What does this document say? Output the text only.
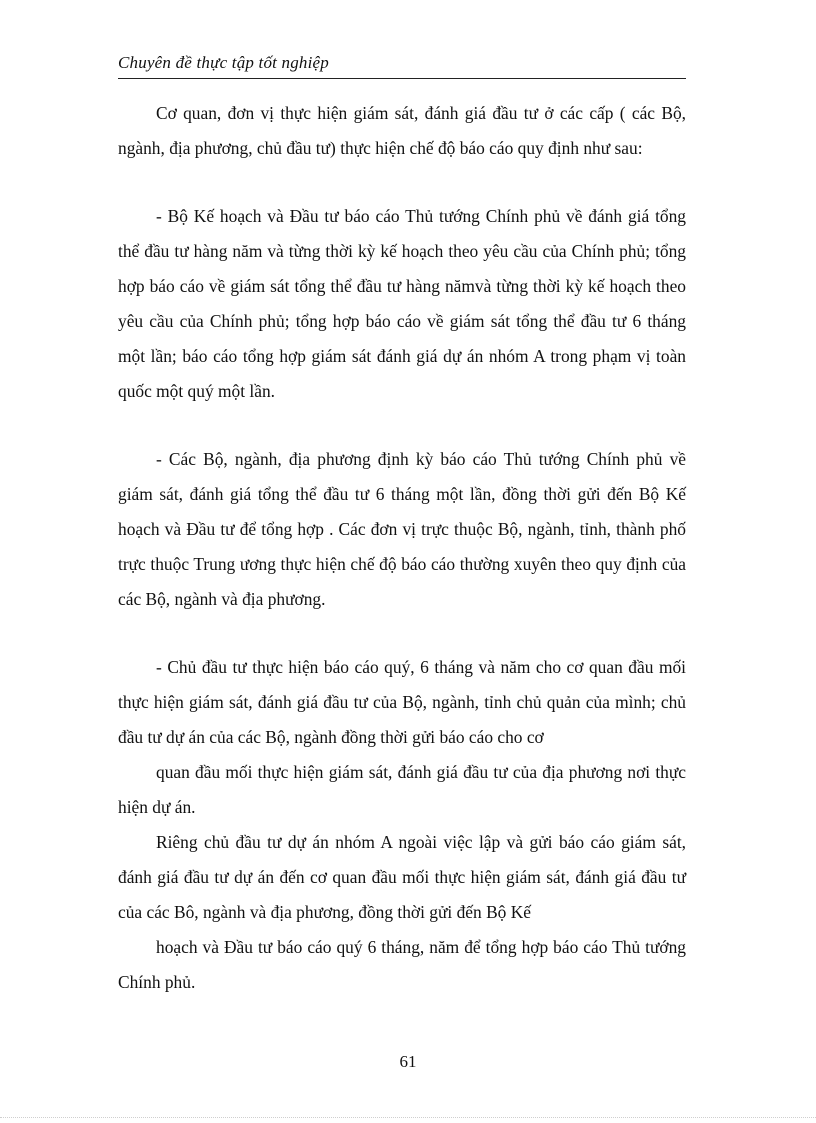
Chuyên đề thực tập tốt nghiệp

Cơ quan, đơn vị thực hiện giám sát, đánh giá đầu tư ở các cấp ( các Bộ, ngành, địa phương, chủ đầu tư) thực hiện chế độ báo cáo quy định như sau:

- Bộ Kế hoạch và Đầu tư báo cáo Thủ tướng Chính phủ về đánh giá tổng thể đầu tư hàng năm và từng thời kỳ kế hoạch theo yêu cầu của Chính phủ; tổng hợp báo cáo về giám sát tổng thể đầu tư hàng nămvà từng thời kỳ kế hoạch theo yêu cầu của Chính phủ; tổng hợp báo cáo về giám sát tổng thể đầu tư 6 tháng một lần; báo cáo tổng hợp giám sát đánh giá dự án nhóm A trong phạm vị toàn quốc một quý một lần.

- Các Bộ, ngành, địa phương định kỳ báo cáo Thủ tướng Chính phủ về giám sát, đánh giá tổng thể đầu tư 6 tháng một lần, đồng thời gửi đến Bộ Kế hoạch và Đầu tư để tổng hợp . Các đơn vị trực thuộc Bộ, ngành, tỉnh, thành phố trực thuộc Trung ương thực hiện chế độ báo cáo thường xuyên theo quy định của các Bộ, ngành và địa phương.

- Chủ đầu tư thực hiện báo cáo quý, 6 tháng và năm cho cơ quan đầu mối thực hiện giám sát, đánh giá đầu tư của Bộ, ngành, tỉnh chủ quản của mình; chủ đầu tư dự án của các Bộ, ngành đồng thời gửi báo cáo cho cơ

quan đầu mối thực hiện giám sát, đánh giá đầu tư của địa phương nơi thực hiện dự án.

Riêng chủ đầu tư dự án nhóm A ngoài việc lập và gửi báo cáo giám sát, đánh giá đầu tư dự án đến cơ quan đầu mối thực hiện giám sát, đánh giá đầu tư của các Bô, ngành và địa phương, đồng thời gửi đến Bộ Kế

hoạch và Đầu tư báo cáo quý 6 tháng, năm để tổng hợp báo cáo Thủ tướng Chính phủ.

61
